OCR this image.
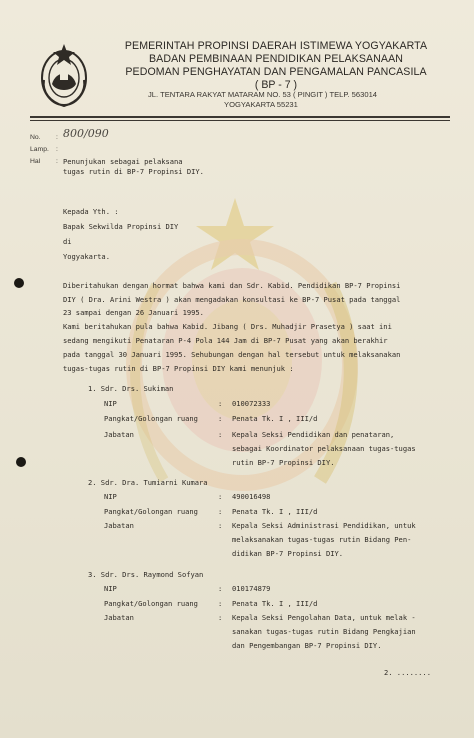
PEMERINTAH PROPINSI DAERAH ISTIMEWA YOGYAKARTA
BADAN PEMBINAAN PENDIDIKAN PELAKSANAAN
PEDOMAN PENGHAYATAN DAN PENGAMALAN PANCASILA
( BP - 7 )
JL. TENTARA RAKYAT MATARAM NO. 53 ( PINGIT ) TELP. 563014
YOGYAKARTA 55231
No. : 800/090
Lamp. :
Hal : Penunjukan sebagai pelaksana
tugas rutin di BP-7 Propinsi DIY.
Kepada Yth. :
Bapak Sekwilda Propinsi DIY
di
Yogyakarta.
Diberitahukan dengan hormat bahwa kami dan Sdr. Kabid. Pendidikan BP-7 Propinsi
DIY ( Dra. Arini Westra ) akan mengadakan konsultasi ke BP-7 Pusat pada tanggal
23 sampai dengan 26 Januari 1995.
Kami beritahukan pula bahwa Kabid. Jibang ( Drs. Muhadjir Prasetya ) saat ini
sedang mengikuti Penataran P-4 Pola 144 Jam di BP-7 Pusat yang akan berakhir
pada tanggal 30 Januari 1995. Sehubungan dengan hal tersebut untuk melaksanakan
tugas-tugas rutin di BP-7 Propinsi DIY kami menunjuk :
1. Sdr. Drs. Sukiman
NIP	: 010072333
Pangkat/Golongan ruang	: Penata Tk. I , III/d
Jabatan	: Kepala Seksi Pendidikan dan penataran,
sebagai Koordinator pelaksanaan tugas-tugas
rutin BP-7 Propinsi DIY.
2. Sdr. Dra. Tumiarni Kumara
NIP	: 490016498
Pangkat/Golongan ruang	: Penata Tk. I , III/d
Jabatan	: Kepala Seksi Administrasi Pendidikan, untuk
melaksanakan tugas-tugas rutin Bidang Pen-
didikan BP-7 Propinsi DIY.
3. Sdr. Drs. Raymond Sofyan
NIP	: 010174879
Pangkat/Golongan ruang	: Penata Tk. I , III/d
Jabatan	: Kepala Seksi Pengolahan Data, untuk melak -
sanakan tugas-tugas rutin Bidang Pengkajian
dan Pengembangan BP-7 Propinsi DIY.
2. ........
